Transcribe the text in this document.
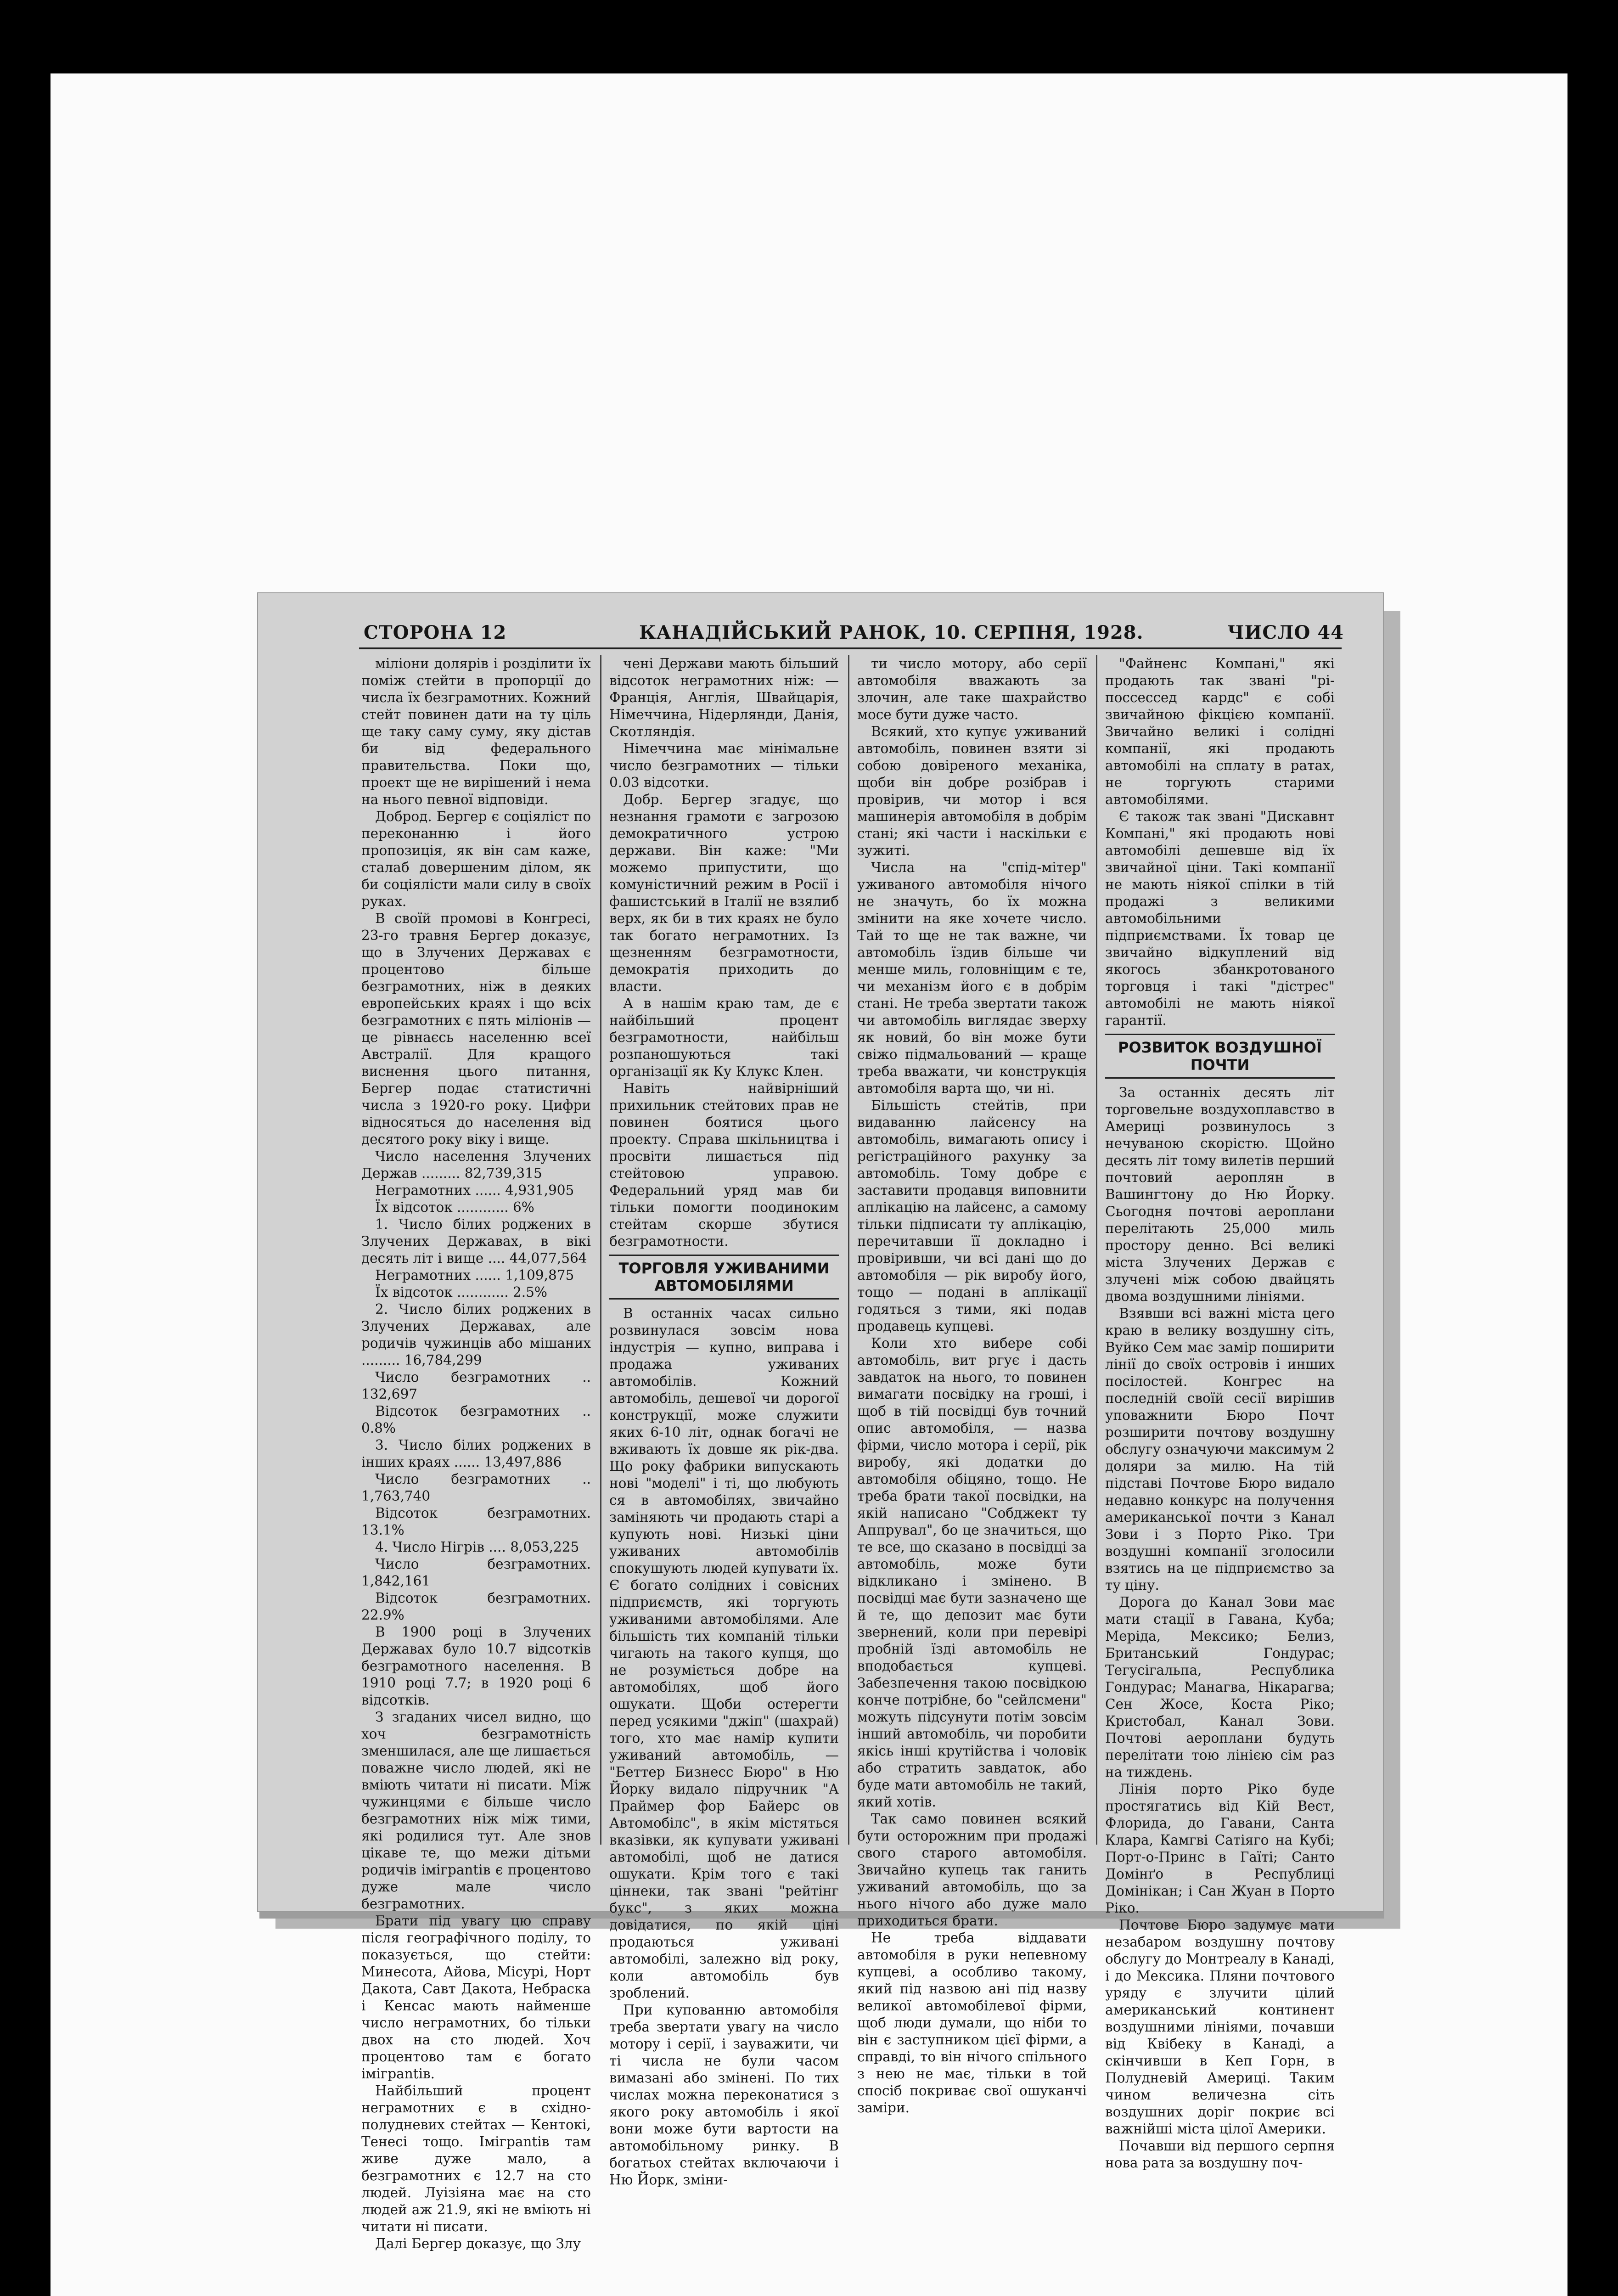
СТОРОНА 12	КАНАДІЙСЬКИЙ РАНОК, 10. СЕРПНЯ, 1928.	ЧИСЛО 44

міліони долярів і розділити їх поміж стейти в пропорції до числа їх безграмотних. Кожний стейт повинен дати на ту ціль ще таку саму суму, яку дістав би від федерального правительства. Поки що, проект ще не вирішений і нема на нього певної відповіди.

Доброд. Бергер є соціяліст по переконанню і його пропозиція, як він сам каже, сталаб довершеним ділом, як би соціялісти мали силу в своїх руках.

В своїй промові в Конгресі, 23-го травня Бергер доказує, що в Злучених Державах є процентово більше безграмотних, ніж в деяких европейських краях і що всіх безграмотних є пять міліонів — це рівнаєсь населенню всеї Австралії. Для кращого виснення цього питання, Бергер подає статистичні числа з 1920-го року. Цифри відносяться до населення від десятого року віку і вище.

Число населення Злучених Держав ......... 82,739,315

Неграмотних ...... 4,931,905

Їх відсоток ............ 6%

1. Число білих роджених в Злучених Державах, в вікі десять літ і вище .... 44,077,564

Неграмотних ...... 1,109,875

Їх відсоток ............ 2.5%

2. Число білих роджених в Злучених Державах, але родичів чужинців або мішаних ......... 16,784,299

Число безграмотних .. 132,697

Відсоток безграмотних .. 0.8%

3. Число білих роджених в інших краях ...... 13,497,886

Число безграмотних .. 1,763,740

Відсоток безграмотних. 13.1%

4. Число Нігрів .... 8,053,225

Число безграмотних. 1,842,161

Відсоток безграмотних. 22.9%

В 1900 році в Злучених Державах було 10.7 відсотків безграмотного населення. В 1910 році 7.7; в 1920 році 6 відсотків.

З згаданих чисел видно, що хоч безграмотність зменшилася, але ще лишається поважне число людей, які не вміють читати ні писати. Між чужинцями є більше число безграмотних ніж між тими, які родилися тут. Але знов цікаве те, що межи дітьми родичів іміграntів є процентово дуже мале число безграмотних.

Брати під увагу цю справу після географічного поділу, то показується, що стейти: Минесота, Айова, Місурі, Норт Дакота, Савт Дакота, Небраска і Кенсас мають найменше число неграмотних, бо тільки двох на сто людей. Хоч процентово там є богато іміграntів.

Найбільший процент неграмотних є в східно-полудневих стейтах — Кентокі, Тенесі тощо. Іміграntів там живе дуже мало, а безграмотних є 12.7 на сто людей. Луізіяна має на сто людей аж 21.9, які не вміють ні читати ні писати.

Далі Бергер доказує, що Злу

чені Держави мають більший відсоток неграмотних ніж: — Франція, Англія, Швайцарія, Німеччина, Нідерлянди, Данія, Скотляндія.

Німеччина має мінімальне число безграмотних — тільки 0.03 відсотки.

Добр. Бергер згадує, що незнання грамоти є загрозою демократичного устрою держави. Він каже: "Ми можемо припустити, що комуністичний режим в Росії і фашистський в Італії не взялиб верх, як би в тих краях не було так богато неграмотних. Із щезненням безграмотности, демократія приходить до власти.

А в нашім краю там, де є найбільший процент безграмотности, найбільш розпаношуються такі організації як Ку Клукс Клен.

Навіть найвірніший прихильник стейтових прав не повинен боятися цього проекту. Справа шкільництва і просвіти лишається під стейтовою управою. Федеральний уряд мав би тільки помогти поодиноким стейтам скорше збутися безграмотности.

ТОРГОВЛЯ УЖИВАНИМИ АВТОМОБІЛЯМИ

В останніх часах сильно розвинулася зовсім нова індустрія — купно, виправа і продажа уживаних автомобілів. Кожний автомобіль, дешевої чи дорогої конструкції, може служити яких 6-10 літ, однак богачі не вживають їх довше як рік-два. Що року фабрики випускають нові "моделі" і ті, що любують ся в автомобілях, звичайно заміняють чи продають старі а купують нові. Низькі ціни уживаних автомобілів спокушують людей купувати їх. Є богато солідних і совісних підприємств, які торгують уживаними автомобілями. Але більшість тих компаній тільки чигають на такого купця, що не розуміється добре на автомобілях, щоб його ошукати. Щоби остерегти перед усякими "джіп" (шахрай) того, хто має намір купити уживаний автомобіль, — "Беттер Бизнесс Бюро" в Ню Йорку видало підручник "А Праймер фор Байерс ов Автомобілс", в якім містяться вказівки, як купувати уживані автомобілі, щоб не датися ошукати. Крім того є такі ціннеки, так звані "рейтінг букс", з яких можна довідатися, по якій ціні продаються уживані автомобілі, залежно від року, коли автомобіль був зроблений.

При купованню автомобіля треба звертати увагу на число мотору і серії, і зауважити, чи ті числа не були часом вимазані або змінені. По тих числах можна переконатися з якого року автомобіль і якої вони може бути вартости на автомобільному ринку. В богатьох стейтах включаючи і Ню Йорк, зміни-

ти число мотору, або серії автомобіля вважають за злочин, але таке шахрайство мосе бути дуже часто.

Всякий, хто купує уживаний автомобіль, повинен взяти зі собою довіреного механіка, щоби він добре розібрав і провірив, чи мотор і вся машинерія автомобіля в добрім стані; які части і наскільки є зужиті.

Числа на "спід-мітер" уживаного автомобіля нічого не значуть, бо їх можна змінити на яке хочете число. Тай то ще не так важне, чи автомобіль їздив більше чи менше миль, головніщим є те, чи механізм його є в добрім стані. Не треба звертати також чи автомобіль виглядає зверху як новий, бо він може бути свіжо підмальований — краще треба вважати, чи конструкція автомобіля варта що, чи ні.

Більшість стейтів, при видаванню лайсенсу на автомобіль, вимагають опису і регістраційного рахунку за автомобіль. Тому добре є заставити продавця виповнити аплікацію на лайсенс, а самому тільки підписати ту аплікацію, перечитавши її докладно і провіривши, чи всі дані що до автомобіля — рік виробу його, тощо — подані в аплікації годяться з тими, які подав продавець купцеві.

Коли хто вибере собі автомобіль, вит ргує і дасть завдаток на нього, то повинен вимагати посвідку на гроші, і щоб в тій посвідці був точний опис автомобіля, — назва фірми, число мотора і серії, рік виробу, які додатки до автомобіля обіцяно, тощо. Не треба брати такої посвідки, на якій написано "Собджект ту Аппрувал", бо це значиться, що те все, що сказано в посвідці за автомобіль, може бути відкликано і змінено. В посвідці має бути зазначено ще й те, що депозит має бути звернений, коли при перевірі пробній їзді автомобіль не вподобається купцеві. Забезпечення такою посвідкою конче потрібне, бо "сейлсмени" можуть підсунути потім зовсім інший автомобіль, чи поробити якісь інші крутійства і чоловік або стратить завдаток, або буде мати автомобіль не такий, який хотів.

Так само повинен всякий бути осторожним при продажі свого старого автомобіля. Звичайно купець так ганить уживаний автомобіль, що за нього нічого або дуже мало приходиться брати.

Не треба віддавати автомобіля в руки непевному купцеві, а особливо такому, який під назвою ані під назву великої автомобілевої фірми, щоб люди думали, що ніби то він є заступником цієї фірми, а справді, то він нічого спільного з нею не має, тільки в той спосіб покриває свої ошуканчі заміри.

"Файненс Компані," які продають так звані "рі-поссессед кардс" є собі звичайною фікцією компанії. Звичайно великі і солідні компанії, які продають автомобілі на сплату в ратах, не торгують старими автомобілями.

Є також так звані "Дискавнт Компані," які продають нові автомобілі дешевше від їх звичайної ціни. Такі компанії не мають ніякої спілки в тій продажі з великими автомобільними підприємствами. Їх товар це звичайно відкуплений від якогось збанкротованого торговця і такі "дістрес" автомобілі не мають ніякої гарантії.

РОЗВИТОК ВОЗДУШНОЇ ПОЧТИ

За останніх десять літ торговельне воздухоплавство в Америці розвинулось з нечуваною скорістю. Щойно десять літ тому вилетів перший почтовий аероплян в Вашингтону до Ню Йорку. Сьогодня почтові аероплани перелітають 25,000 миль простору денно. Всі великі міста Злучених Держав є злучені між собою двайцять двома воздушними лініями.

Взявши всі важні міста цего краю в велику воздушну сіть, Вуйко Сем має замір поширити лінії до своїх островів і инших посілостей. Конгрес на последній своїй сесії вирішив уповажнити Бюро Почт розширити почтову воздушну обслугу означуючи максимум 2 доляри за милю. На тій підставі Почтове Бюро видало недавно конкурс на получення американської почти з Канал Зови і з Порто Ріко. Три воздушні компанії зголосили взятись на це підприємство за ту ціну.

Дорога до Канал Зови має мати стації в Гавана, Куба; Меріда, Мексико; Белиз, Британський Гондурас; Тегусігальпа, Республика Гондурас; Манагва, Нікарагва; Сен Жосе, Коста Ріко; Кристобал, Канал Зови. Почтові аероплани будуть перелітати тою лінією сім раз на тиждень.

Лінія порто Ріко буде простягатись від Кій Вест, Флорида, до Гавани, Санта Клара, Камгві Сатіяго на Кубі; Порт-о-Принс в Гаїті; Санто Домінґо в Республиці Домінікан; і Сан Жуан в Порто Ріко.

Почтове Бюро задумує мати незабаром воздушну почтову обслугу до Монтреалу в Канаді, і до Мексика. Пляни почтового уряду є злучити цілий американський континент воздушними лініями, почавши від Квібеку в Канаді, а скінчивши в Кеп Горн, в Полудневій Америці. Таким чином величезна сіть воздушних доріг покриє всі важнійші міста цілої Америки.

Почавши від першого серпня нова рата за воздушну поч-
